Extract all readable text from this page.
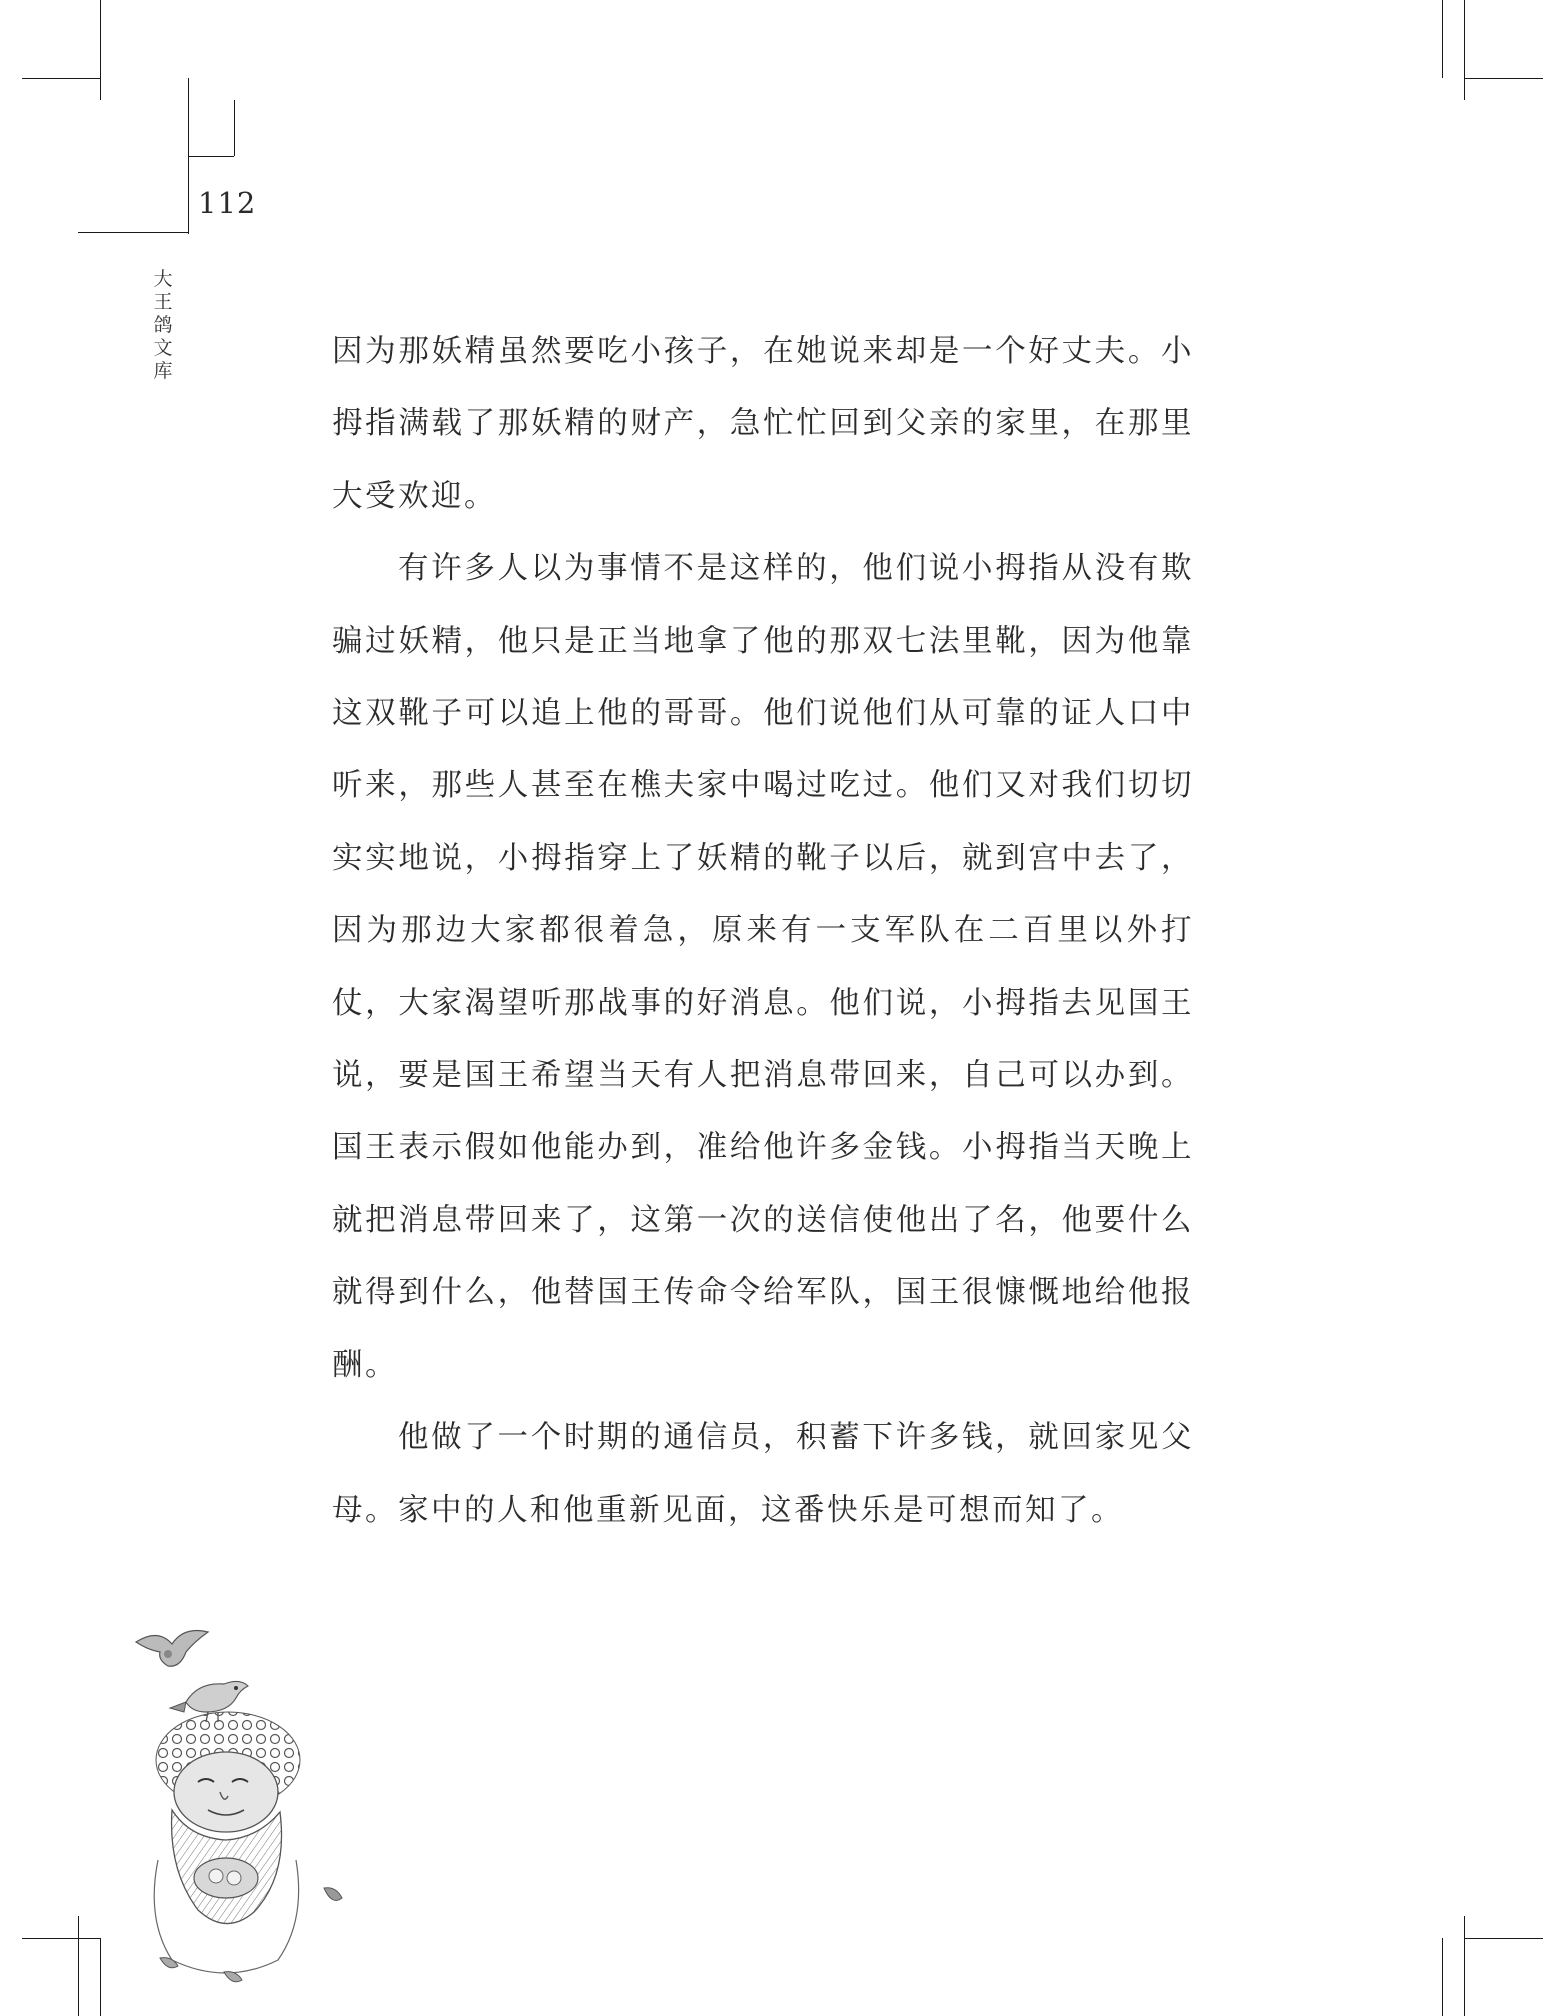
112
大王鸽文库

因为那妖精虽然要吃小孩子，在她说来却是一个好丈夫。小拇指满载了那妖精的财产，急忙忙回到父亲的家里，在那里大受欢迎。

有许多人以为事情不是这样的，他们说小拇指从没有欺骗过妖精，他只是正当地拿了他的那双七法里靴，因为他靠这双靴子可以追上他的哥哥。他们说他们从可靠的证人口中听来，那些人甚至在樵夫家中喝过吃过。他们又对我们切切实实地说，小拇指穿上了妖精的靴子以后，就到宫中去了，因为那边大家都很着急，原来有一支军队在二百里以外打仗，大家渴望听那战事的好消息。他们说，小拇指去见国王说，要是国王希望当天有人把消息带回来，自己可以办到。国王表示假如他能办到，准给他许多金钱。小拇指当天晚上就把消息带回来了，这第一次的送信使他出了名，他要什么就得到什么，他替国王传命令给军队，国王很慷慨地给他报酬。

他做了一个时期的通信员，积蓄下许多钱，就回家见父母。家中的人和他重新见面，这番快乐是可想而知了。
